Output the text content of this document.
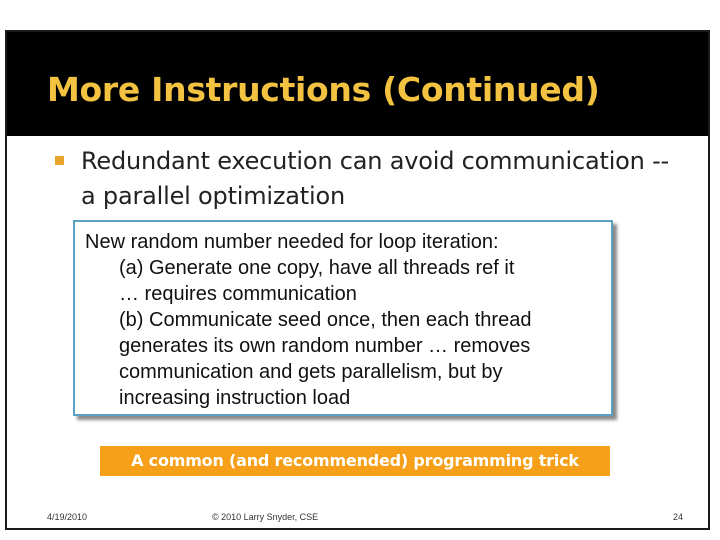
More Instructions (Continued)
Redundant execution can avoid communication -- a parallel optimization
New random number needed for loop iteration:
(a) Generate one copy, have all threads ref it
… requires communication
(b) Communicate seed once, then each thread
generates its own random number … removes
communication and gets parallelism, but by
increasing instruction load
A common (and recommended) programming trick
4/19/2010	© 2010 Larry Snyder, CSE	24
